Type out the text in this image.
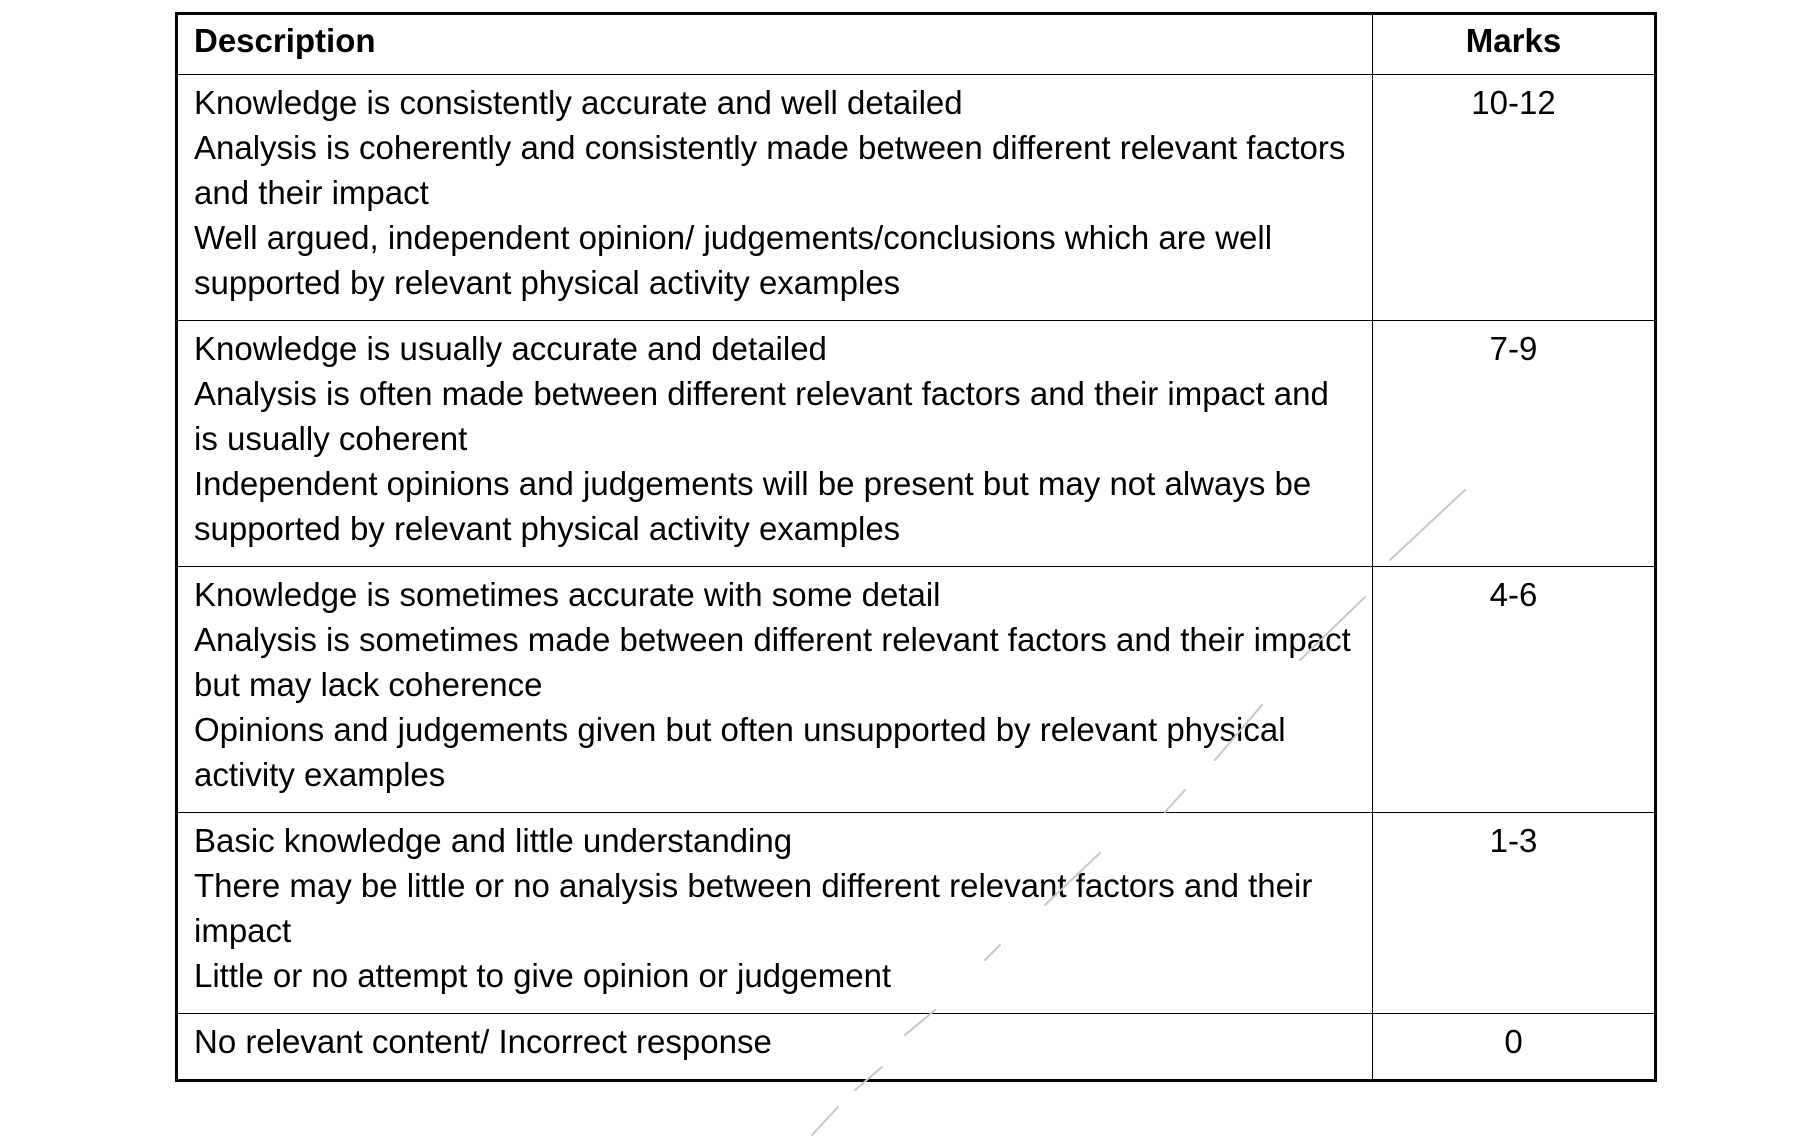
Description	Marks

Knowledge is consistently accurate and well detailed
Analysis is coherently and consistently made between different relevant factors and their impact
Well argued, independent opinion/ judgements/conclusions which are well supported by relevant physical activity examples	10-12

Knowledge is usually accurate and detailed
Analysis is often made between different relevant factors and their impact and is usually coherent
Independent opinions and judgements will be present but may not always be supported by relevant physical activity examples	7-9

Knowledge is sometimes accurate with some detail
Analysis is sometimes made between different relevant factors and their impact but may lack coherence
Opinions and judgements given but often unsupported by relevant physical activity examples	4-6

Basic knowledge and little understanding
There may be little or no analysis between different relevant factors and their impact
Little or no attempt to give opinion or judgement	1-3

No relevant content/ Incorrect response	0
